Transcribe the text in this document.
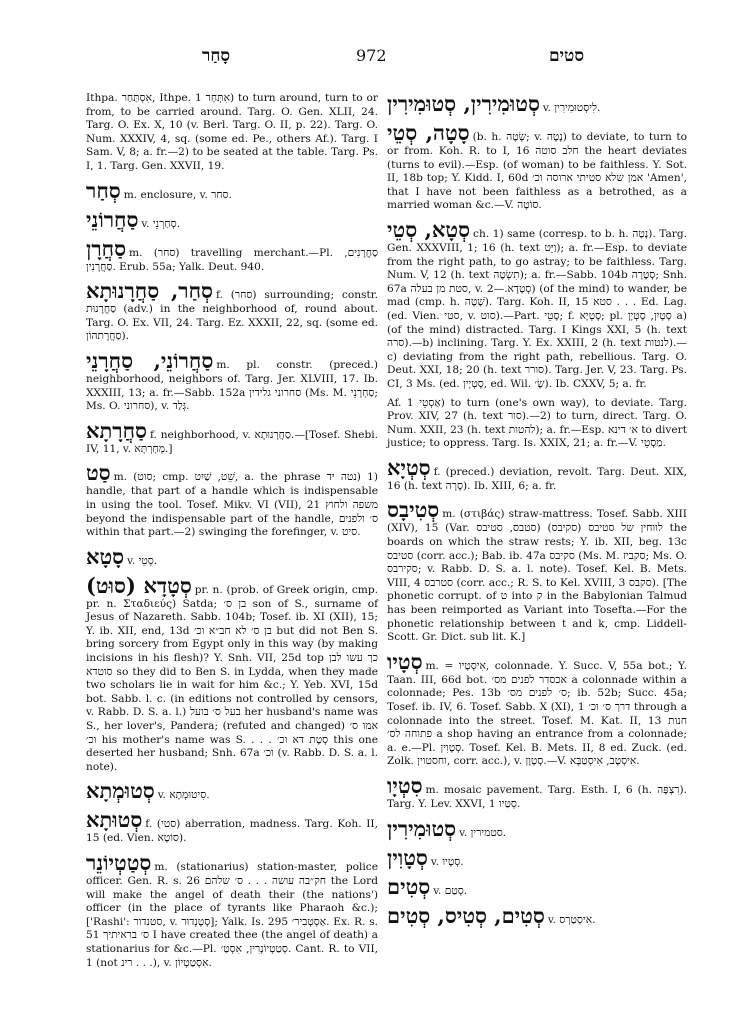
סָחַר	972	סטים

Ithpa. אִסְתַּחַר, Ithpe. אִתְּחַר 1) to turn around, turn to or from, to be carried around. Targ. O. Gen. XLII, 24. Targ. O. Ex. X, 10 (v. Berl. Targ. O. II, p. 22). Targ. O. Num. XXXIV, 4, sq. (some ed. Pe., others Af.). Targ. I Sam. V, 8; a. fr.—2) to be seated at the table. Targ. Ps. I, 1. Targ. Gen. XXVII, 19.

סְחַר m. enclosure, v. סחר.

סַחֲרוֹנֵי v. סְחַרְנֵי.

סַחֲרָן m. (סחר) travelling merchant.—Pl. סַחֲרָנִים, סַחֲרָנִין. Erub. 55a; Yalk. Deut. 940.

סְחַר, סַחֲרָנוּתָא f. (סחר) surrounding; constr. סַחֲרָנוּת (adv.) in the neighborhood of, round about. Targ. O. Ex. VII, 24. Targ. Ez. XXXII, 22, sq. (some ed. סַחֲרָתהוֹן).

סַחֲרוֹנֵי, סַחֲרָנֵי m. pl. constr. (preced.) neighborhood, neighbors of. Targ. Jer. XLVIII, 17. Ib. XXXIII, 13; a. fr.—Sabb. 152a סחרוני גלידין (Ms. M. סַחְרָנֵי; Ms. O. סחרוני), v. גְּלַד.

סַחֲרָתָא f. neighborhood, v. סַחֲרָנוּתָא.—[Tosef. Shebi. IV, 11, v. מְחָרְתָּא.]

סַט m. (סוט; cmp. שֵׁט, שַׁיִט, a. the phrase נטה יד) 1) handle, that part of a handle which is indispensable in using the tool. Tosef. Mikv. VI (VII), 21 משפה ולחוץ beyond the indispensable part of the handle, ס׳ ולפנים within that part.—2) swinging the forefinger, v. סיט.

סָטָא v. סְטֵי.

סְטָדָא (סוּט) pr. n. (prob. of Greek origin, cmp. pr. n. Σταδιεύς) Satda; בן ס׳ son of S., surname of Jesus of Nazareth. Sabb. 104b; Tosef. ib. XI (XII), 15; Y. ib. XII, end, 13d בן ס׳ לא חב״א וכ׳ but did not Ben S. bring sorcery from Egypt only in this way (by making incisions in his flesh)? Y. Snh. VII, 25d top כך עשו לבן סוטדא so they did to Ben S. in Lydda, when they made two scholars lie in wait for him &c.; Y. Yeb. XVI, 15d bot. Sabb. l. c. (in editions not controlled by censors, v. Rabb. D. S. a. l.) בעל ס׳ בועל her husband's name was S., her lover's, Pandera; (refuted and changed) אמו ס׳ וכ׳ his mother's name was S. . . . סְטָת דא וכ׳ this one deserted her husband; Snh. 67a וכ׳ (v. Rabb. D. S. a. l. note).

סְטוּמְתָא v. סִיטוּמְתָא.

סְטוּתָא f. (סטי) aberration, madness. Targ. Koh. II, 15 (ed. Vien. סוֹטָא).

סְטַטְיוֹנֵר m. (stationarius) station-master, police officer. Gen. R. s. 26 חק״בה עושה . . . ס׳ שלהם the Lord will make the angel of death their (the nations') officer (in the place of tyrants like Pharaoh &c.); ['Rashi': סטנדור, v. סְטָנְדוּר]; Yalk. Is. 295 אַסְטְבִיר׳. Ex. R. s. 51 ס׳ בראיתיך I have created thee (the angel of death) a stationarius for &c.—Pl. סְטַטְיוֹנָרִין, אִסְטַ׳. Cant. R. to VII, 1 (not רינ . . .), v. אִסְטַטְיוֹן.

סְטוּמִירִין, סְטוּמִירִין v. לִיסְטוּמִירִין.

סָטָה, סְטֵי (b. h. שָׂטָה; v. נָטָה) to deviate, to turn to or from. Koh. R. to I, 16 חלב סוטה the heart deviates (turns to evil).—Esp. (of woman) to be faithless. Y. Sot. II, 18b top; Y. Kidd. I, 60d אמן שלא סטיתי ארוסה וכ׳ 'Amen', that I have not been faithless as a betrothed, as a married woman &c.—V. סוֹטָה.

סְטָא, סְטֵי ch. 1) same (corresp. to b. h. נָטָה). Targ. Gen. XXXVIII, 1; 16 (h. text וַיֵּט); a. fr.—Esp. to deviate from the right path, to go astray; to be faithless. Targ. Num. V, 12 (h. text תִשְׂטֶה); a. fr.—Sabb. 104b סְטָרָה; Snh. 67a סטת מן בעלה, v. סְטָדָא.—2) (of the mind) to wander, be mad (cmp. h. שָׁטָה). Targ. Koh. II, 15 סטא . . . Ed. Lag. (ed. Vien. סטי, v. סוט).—Part. סָטֵי; f. סָטְיָא; pl. סָטָיִן, סָטְיָן a) (of the mind) distracted. Targ. I Kings XXI, 5 (h. text סרה).—b) inclining. Targ. Y. Ex. XXIII, 2 (h. text לנטות).—c) deviating from the right path, rebellious. Targ. O. Deut. XXI, 18; 20 (h. text סורר). Targ. Jer. V, 23. Targ. Ps. CI, 3 Ms. (ed. סָטְיָין, ed. Wil. שָׂ׳). Ib. CXXV, 5; a. fr.

Af. אַסְטֵי 1) to turn (one's own way), to deviate. Targ. Prov. XIV, 27 (h. text סור).—2) to turn, direct. Targ. O. Num. XXII, 23 (h. text להטות); a. fr.—Esp. א׳ דינא to divert justice; to oppress. Targ. Is. XXIX, 21; a. fr.—V. מַסְטֵי.

סְטְיָא f. (preced.) deviation, revolt. Targ. Deut. XIX, 16 (h. text סָרָה). Ib. XIII, 6; a. fr.

סְטִיבָס m. (στιβάς) straw-mattress. Tosef. Sabb. XIII (XIV), 15 (Var. סטבס, סטיבס) לווחין של סטיבס (סקיבס) the boards on which the straw rests; Y. ib. XII, beg. 13c סטיבס (corr. acc.); Bab. ib. 47a סקיבס (Ms. M. סקביז; Ms. O. סקירבס; v. Rabb. D. S. a. l. note). Tosef. Kel. B. Mets. VIII, 4 סטרבס (corr. acc.; R. S. to Kel. XVIII, 3 סקבס). [The phonetic corrupt. of ט into ק in the Babylonian Talmud has been reimported as Variant into Tosefta.—For the phonetic relationship between t and k, cmp. Liddell-Scott. Gr. Dict. sub lit. K.]

סְטָיו m. = אִיסְטָיו, colonnade. Y. Succ. V, 55a bot.; Y. Taan. III, 66d bot. אכסדר לפנים מס׳ a colonnade within a colonnade; Pes. 13b ס׳ לפנים מס׳; ib. 52b; Succ. 45a; Tosef. ib. IV, 6. Tosef. Sabb. X (XI), 1 דרך ס׳ וכ׳ through a colonnade into the street. Tosef. M. Kat. II, 13 חנות פתוחה לס׳ a shop having an entrance from a colonnade; a. e.—Pl. סְטָוִין. Tosef. Kel. B. Mets. II, 8 ed. Zuck. (ed. Zolk. וחסטוין, corr. acc.), v. סְטָוָן.—V. אִיסְטָב, אִיסְטַבָּא.

סִטְיָו m. mosaic pavement. Targ. Esth. I, 6 (h. רִצְפָּה). Targ. Y. Lev. XXVI, 1 סְטַיו.

סְטוּמִירִין v. סטמירין.

סְטָוִין v. סְטָיו.

סְטִים v. סְטַם.

סְטִים, סְטִיס, סְטִים v. אִיסְטַרְס.
